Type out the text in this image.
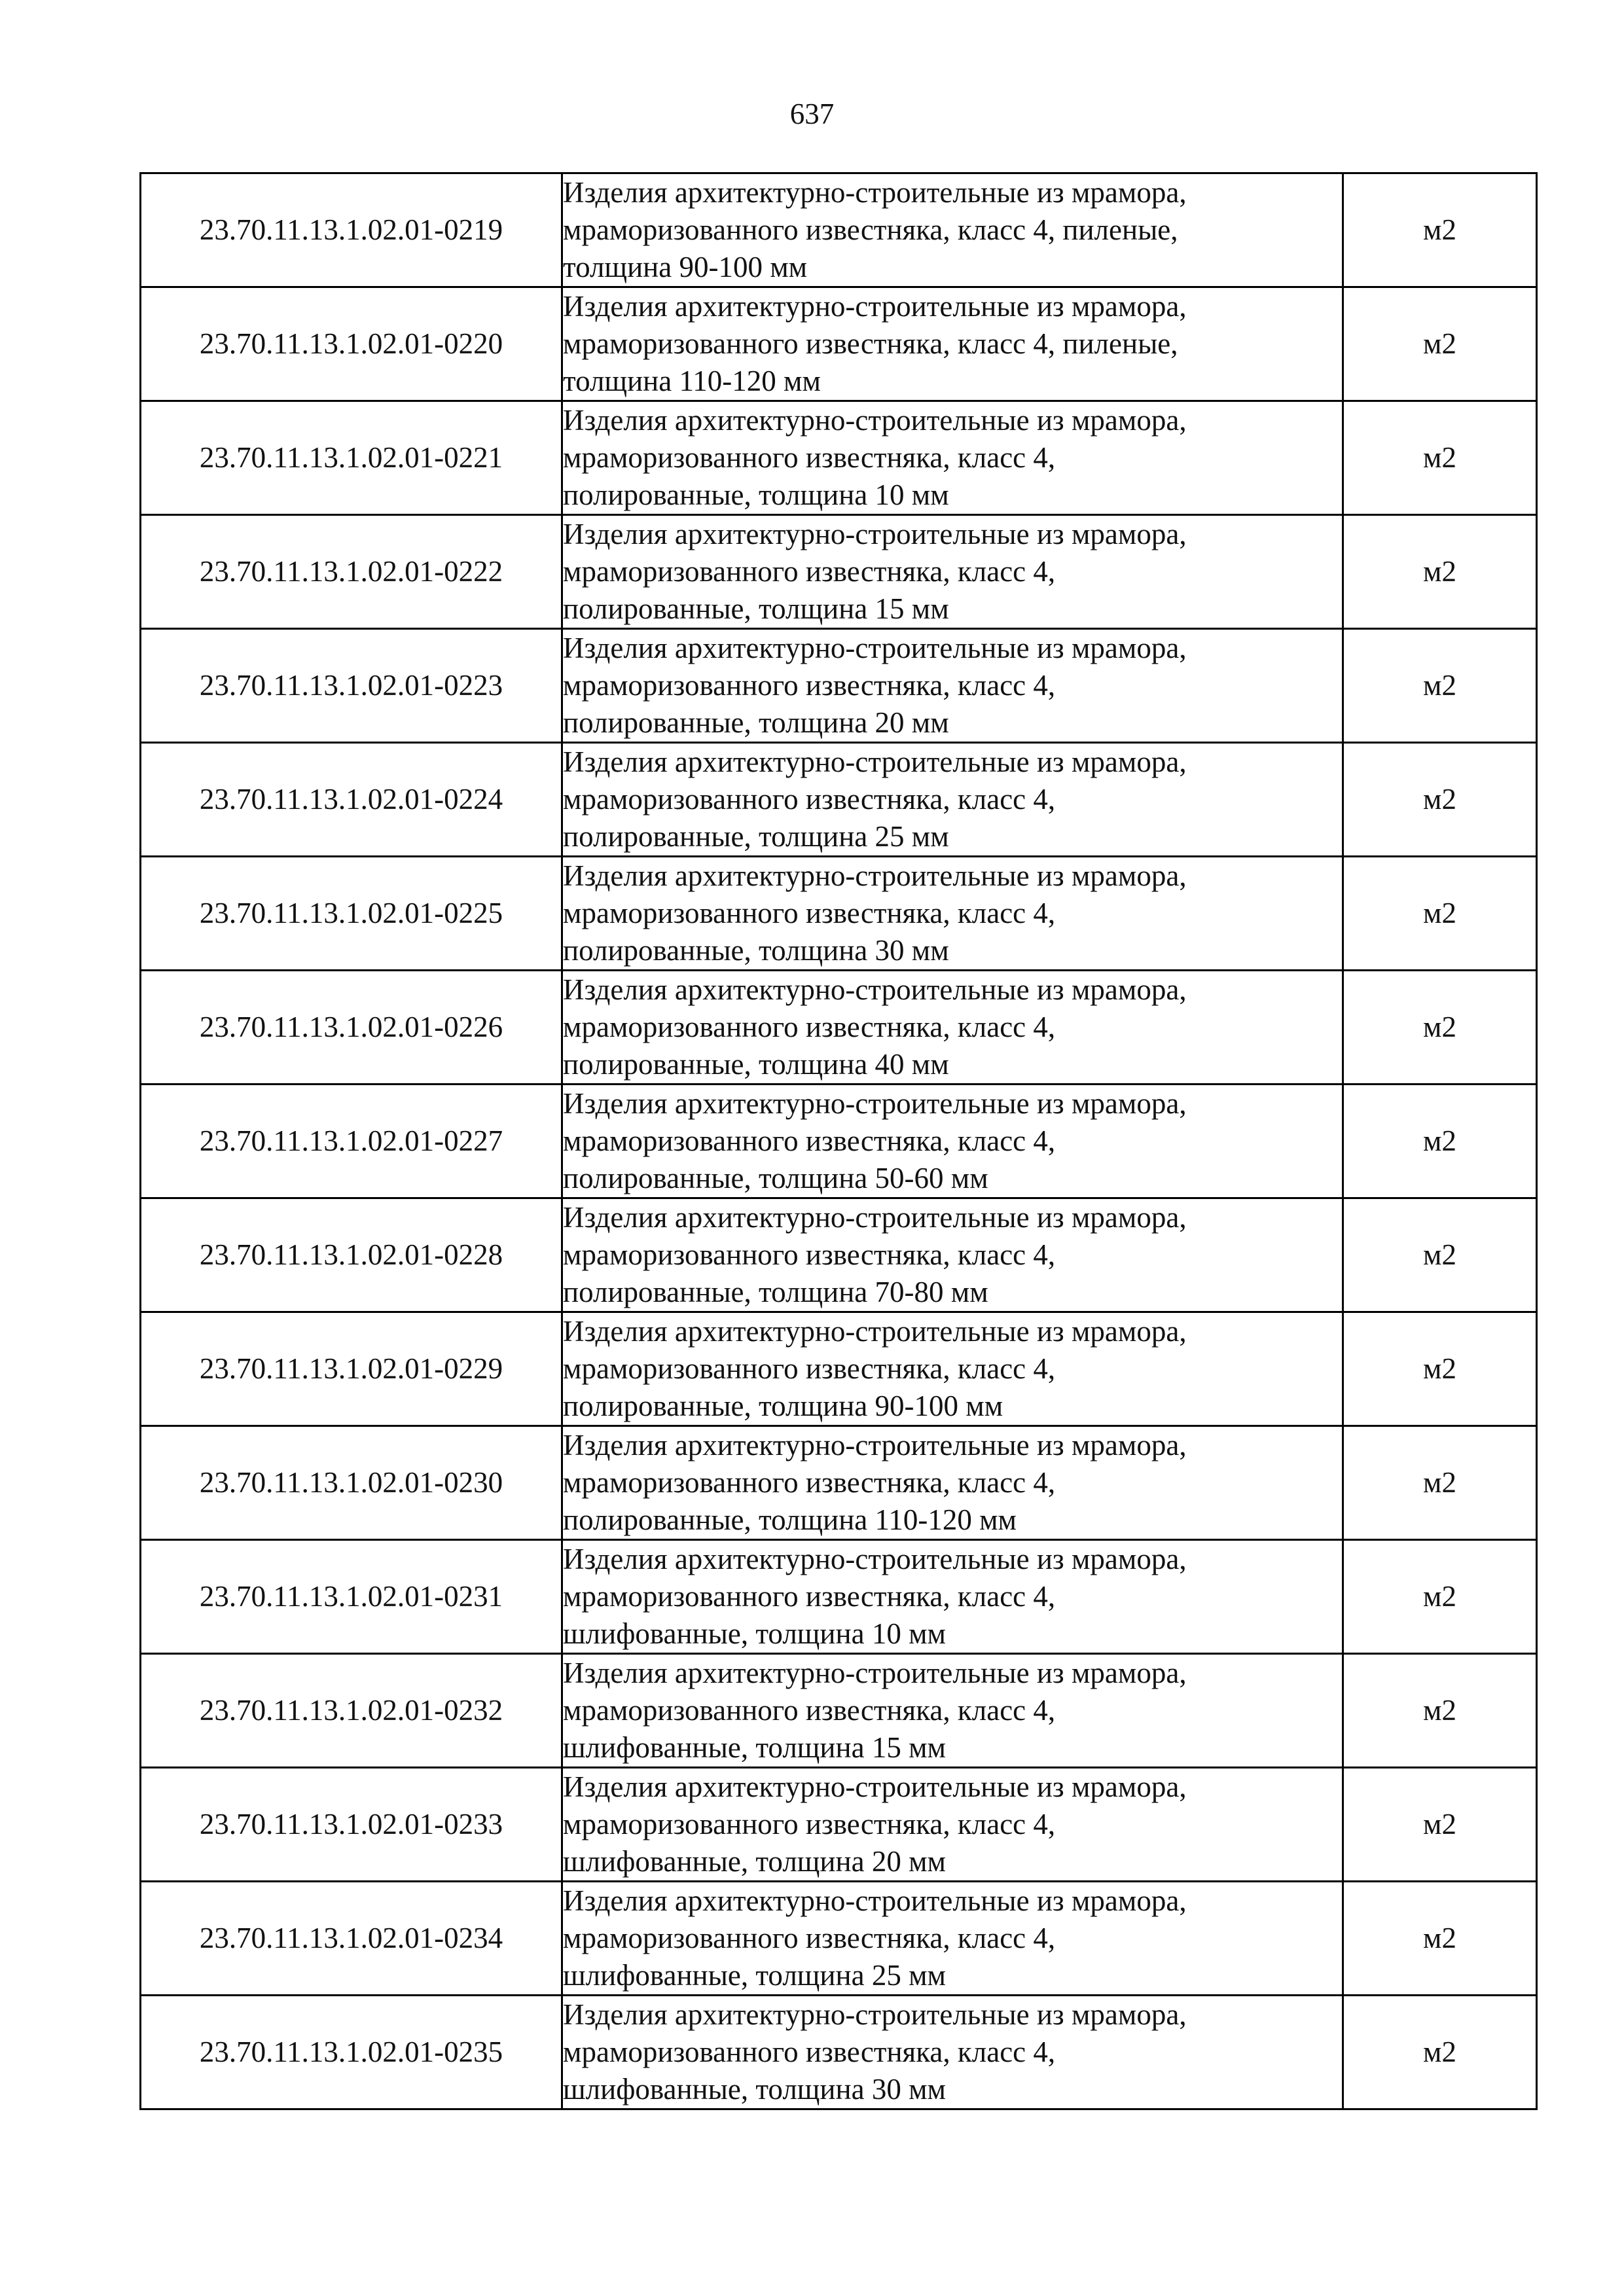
637
23.70.11.13.1.02.01-0219	Изделия архитектурно-строительные из мрамора,
мраморизованного известняка, класс 4, пиленые,
толщина 90-100 мм	м2
23.70.11.13.1.02.01-0220	Изделия архитектурно-строительные из мрамора,
мраморизованного известняка, класс 4, пиленые,
толщина 110-120 мм	м2
23.70.11.13.1.02.01-0221	Изделия архитектурно-строительные из мрамора,
мраморизованного известняка, класс 4,
полированные, толщина 10 мм	м2
23.70.11.13.1.02.01-0222	Изделия архитектурно-строительные из мрамора,
мраморизованного известняка, класс 4,
полированные, толщина 15 мм	м2
23.70.11.13.1.02.01-0223	Изделия архитектурно-строительные из мрамора,
мраморизованного известняка, класс 4,
полированные, толщина 20 мм	м2
23.70.11.13.1.02.01-0224	Изделия архитектурно-строительные из мрамора,
мраморизованного известняка, класс 4,
полированные, толщина 25 мм	м2
23.70.11.13.1.02.01-0225	Изделия архитектурно-строительные из мрамора,
мраморизованного известняка, класс 4,
полированные, толщина 30 мм	м2
23.70.11.13.1.02.01-0226	Изделия архитектурно-строительные из мрамора,
мраморизованного известняка, класс 4,
полированные, толщина 40 мм	м2
23.70.11.13.1.02.01-0227	Изделия архитектурно-строительные из мрамора,
мраморизованного известняка, класс 4,
полированные, толщина 50-60 мм	м2
23.70.11.13.1.02.01-0228	Изделия архитектурно-строительные из мрамора,
мраморизованного известняка, класс 4,
полированные, толщина 70-80 мм	м2
23.70.11.13.1.02.01-0229	Изделия архитектурно-строительные из мрамора,
мраморизованного известняка, класс 4,
полированные, толщина 90-100 мм	м2
23.70.11.13.1.02.01-0230	Изделия архитектурно-строительные из мрамора,
мраморизованного известняка, класс 4,
полированные, толщина 110-120 мм	м2
23.70.11.13.1.02.01-0231	Изделия архитектурно-строительные из мрамора,
мраморизованного известняка, класс 4,
шлифованные, толщина 10 мм	м2
23.70.11.13.1.02.01-0232	Изделия архитектурно-строительные из мрамора,
мраморизованного известняка, класс 4,
шлифованные, толщина 15 мм	м2
23.70.11.13.1.02.01-0233	Изделия архитектурно-строительные из мрамора,
мраморизованного известняка, класс 4,
шлифованные, толщина 20 мм	м2
23.70.11.13.1.02.01-0234	Изделия архитектурно-строительные из мрамора,
мраморизованного известняка, класс 4,
шлифованные, толщина 25 мм	м2
23.70.11.13.1.02.01-0235	Изделия архитектурно-строительные из мрамора,
мраморизованного известняка, класс 4,
шлифованные, толщина 30 мм	м2
